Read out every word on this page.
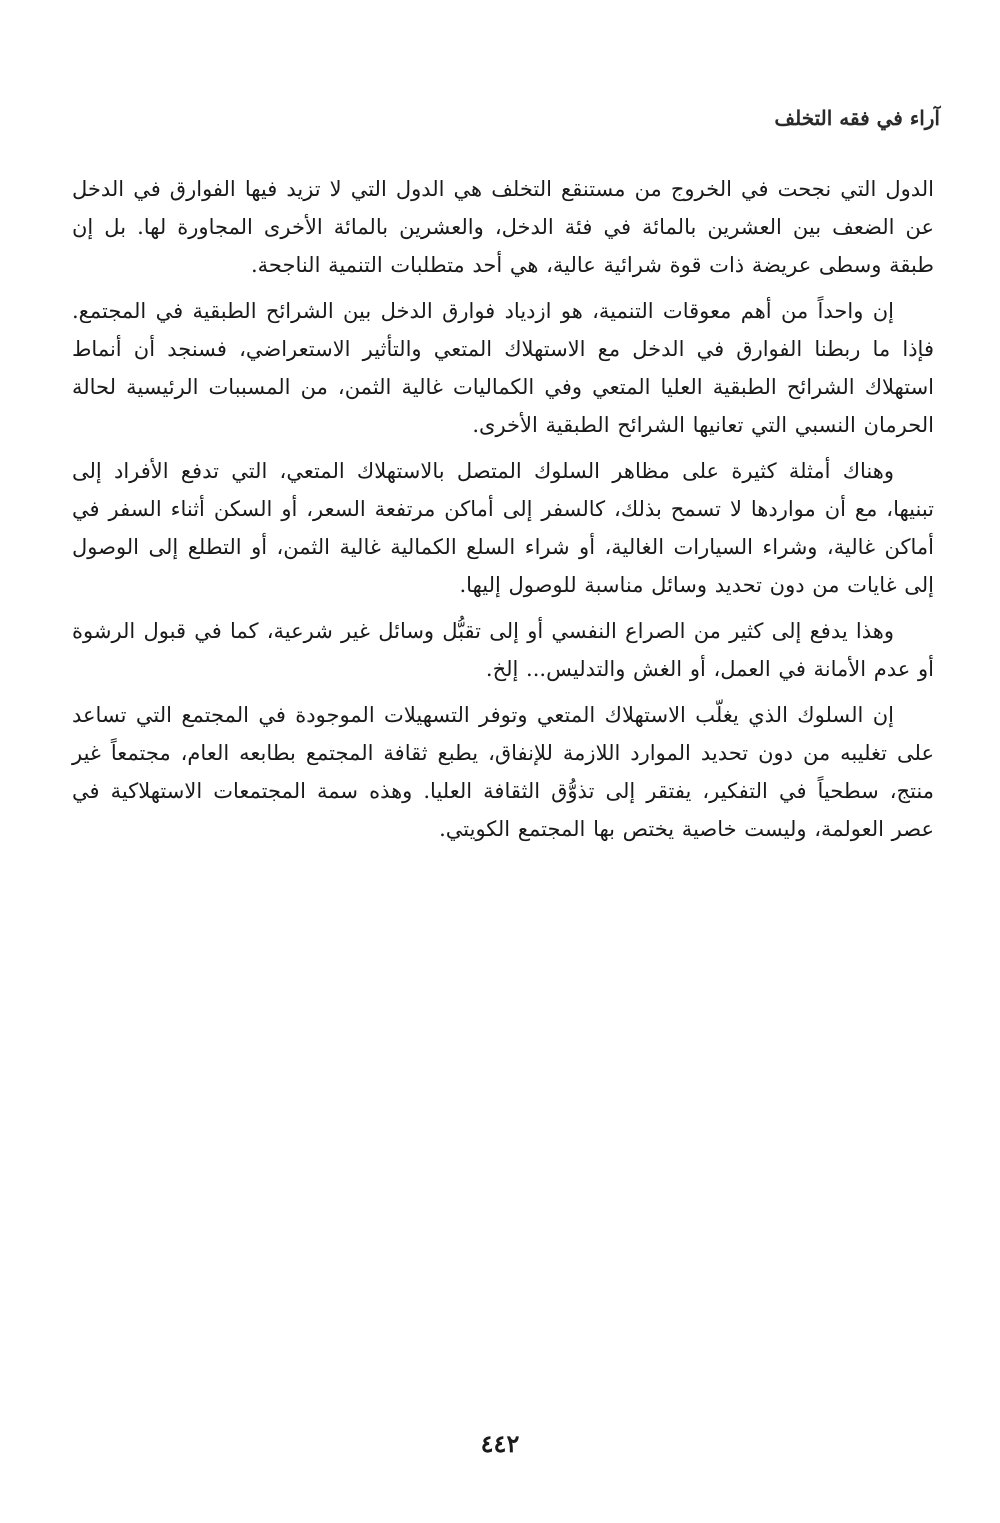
آراء في فقه التخلف

الدول التي نجحت في الخروج من مستنقع التخلف هي الدول التي لا تزيد فيها الفوارق في الدخل عن الضعف بين العشرين بالمائة في فئة الدخل، والعشرين بالمائة الأخرى المجاورة لها. بل إن طبقة وسطى عريضة ذات قوة شرائية عالية، هي أحد متطلبات التنمية الناجحة.

إن واحداً من أهم معوقات التنمية، هو ازدياد فوارق الدخل بين الشرائح الطبقية في المجتمع. فإذا ما ربطنا الفوارق في الدخل مع الاستهلاك المتعي والتأثير الاستعراضي، فسنجد أن أنماط استهلاك الشرائح الطبقية العليا المتعي وفي الكماليات غالية الثمن، من المسببات الرئيسية لحالة الحرمان النسبي التي تعانيها الشرائح الطبقية الأخرى.

وهناك أمثلة كثيرة على مظاهر السلوك المتصل بالاستهلاك المتعي، التي تدفع الأفراد إلى تبنيها، مع أن مواردها لا تسمح بذلك، كالسفر إلى أماكن مرتفعة السعر، أو السكن أثناء السفر في أماكن غالية، وشراء السيارات الغالية، أو شراء السلع الكمالية غالية الثمن، أو التطلع إلى الوصول إلى غايات من دون تحديد وسائل مناسبة للوصول إليها.

وهذا يدفع إلى كثير من الصراع النفسي أو إلى تقبُّل وسائل غير شرعية، كما في قبول الرشوة أو عدم الأمانة في العمل، أو الغش والتدليس... إلخ.

إن السلوك الذي يغلّب الاستهلاك المتعي وتوفر التسهيلات الموجودة في المجتمع التي تساعد على تغليبه من دون تحديد الموارد اللازمة للإنفاق، يطبع ثقافة المجتمع بطابعه العام، مجتمعاً غير منتج، سطحياً في التفكير، يفتقر إلى تذوُّق الثقافة العليا. وهذه سمة المجتمعات الاستهلاكية في عصر العولمة، وليست خاصية يختص بها المجتمع الكويتي.

٤٤٢
